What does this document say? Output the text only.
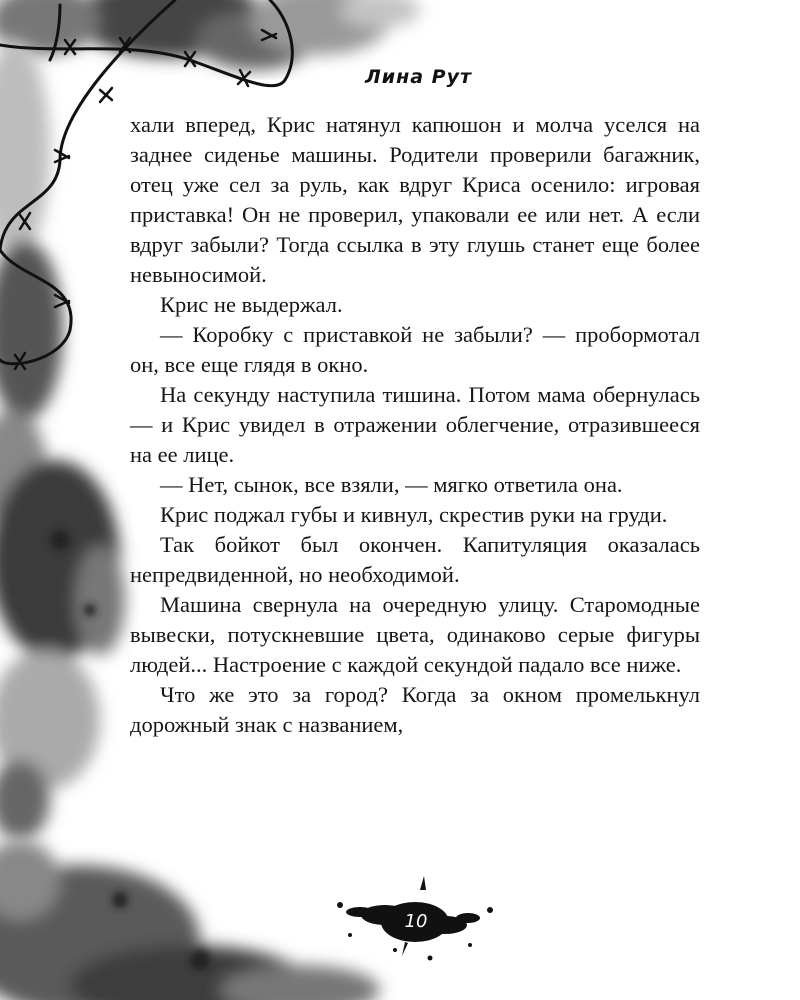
Лина Рут

хали вперед, Крис натянул капюшон и молча уселся на заднее сиденье машины. Родители проверили багажник, отец уже сел за руль, как вдруг Криса осенило: игровая приставка! Он не проверил, упаковали ее или нет. А если вдруг забыли? Тогда ссылка в эту глушь станет еще более невыносимой.

Крис не выдержал.

— Коробку с приставкой не забыли? — пробормотал он, все еще глядя в окно.

На секунду наступила тишина. Потом мама обернулась — и Крис увидел в отражении облегчение, отразившееся на ее лице.

— Нет, сынок, все взяли, — мягко ответила она.

Крис поджал губы и кивнул, скрестив руки на груди.

Так бойкот был окончен. Капитуляция оказалась непредвиденной, но необходимой.

Машина свернула на очередную улицу. Старомодные вывески, потускневшие цвета, одинаково серые фигуры людей... Настроение с каждой секундой падало все ниже.

Что же это за город? Когда за окном промелькнул дорожный знак с названием,

10
